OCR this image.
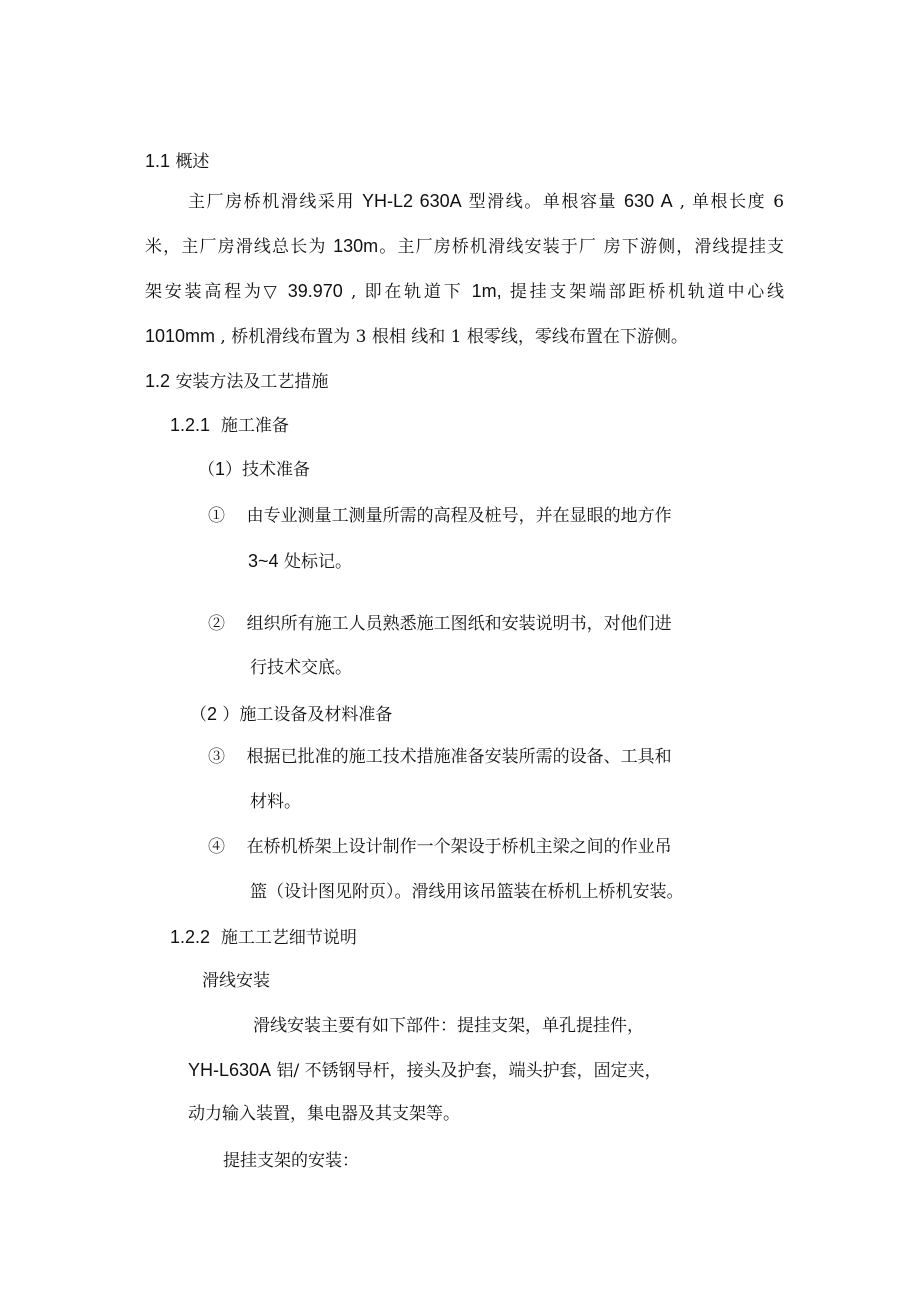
1.1 概述
主厂房桥机滑线采用 YH-L2 630A 型滑线。单根容量 630 A , 单根长度 6
米，主厂房滑线总长为 130m。主厂房桥机滑线安装于厂 房下游侧，滑线提挂支
架安装高程为▽ 39.970 , 即在轨道下 1m, 提挂支架端部距桥机轨道中心线
1010mm , 桥机滑线布置为 3 根相 线和 1 根零线，零线布置在下游侧。
1.2 安装方法及工艺措施
1.2.1 施工准备
（1）技术准备
① 由专业测量工测量所需的高程及桩号，并在显眼的地方作
3~4 处标记。
② 组织所有施工人员熟悉施工图纸和安装说明书，对他们进
行技术交底。
（2 ）施工设备及材料准备
③ 根据已批准的施工技术措施准备安装所需的设备、工具和
材料。
④ 在桥机桥架上设计制作一个架设于桥机主梁之间的作业吊
篮（设计图见附页）。滑线用该吊篮装在桥机上桥机安装。
1.2.2 施工工艺细节说明
滑线安装
滑线安装主要有如下部件：提挂支架，单孔提挂件，
YH-L630A 铝/ 不锈钢导杆，接头及护套，端头护套，固定夹，
动力输入装置，集电器及其支架等。
提挂支架的安装：
